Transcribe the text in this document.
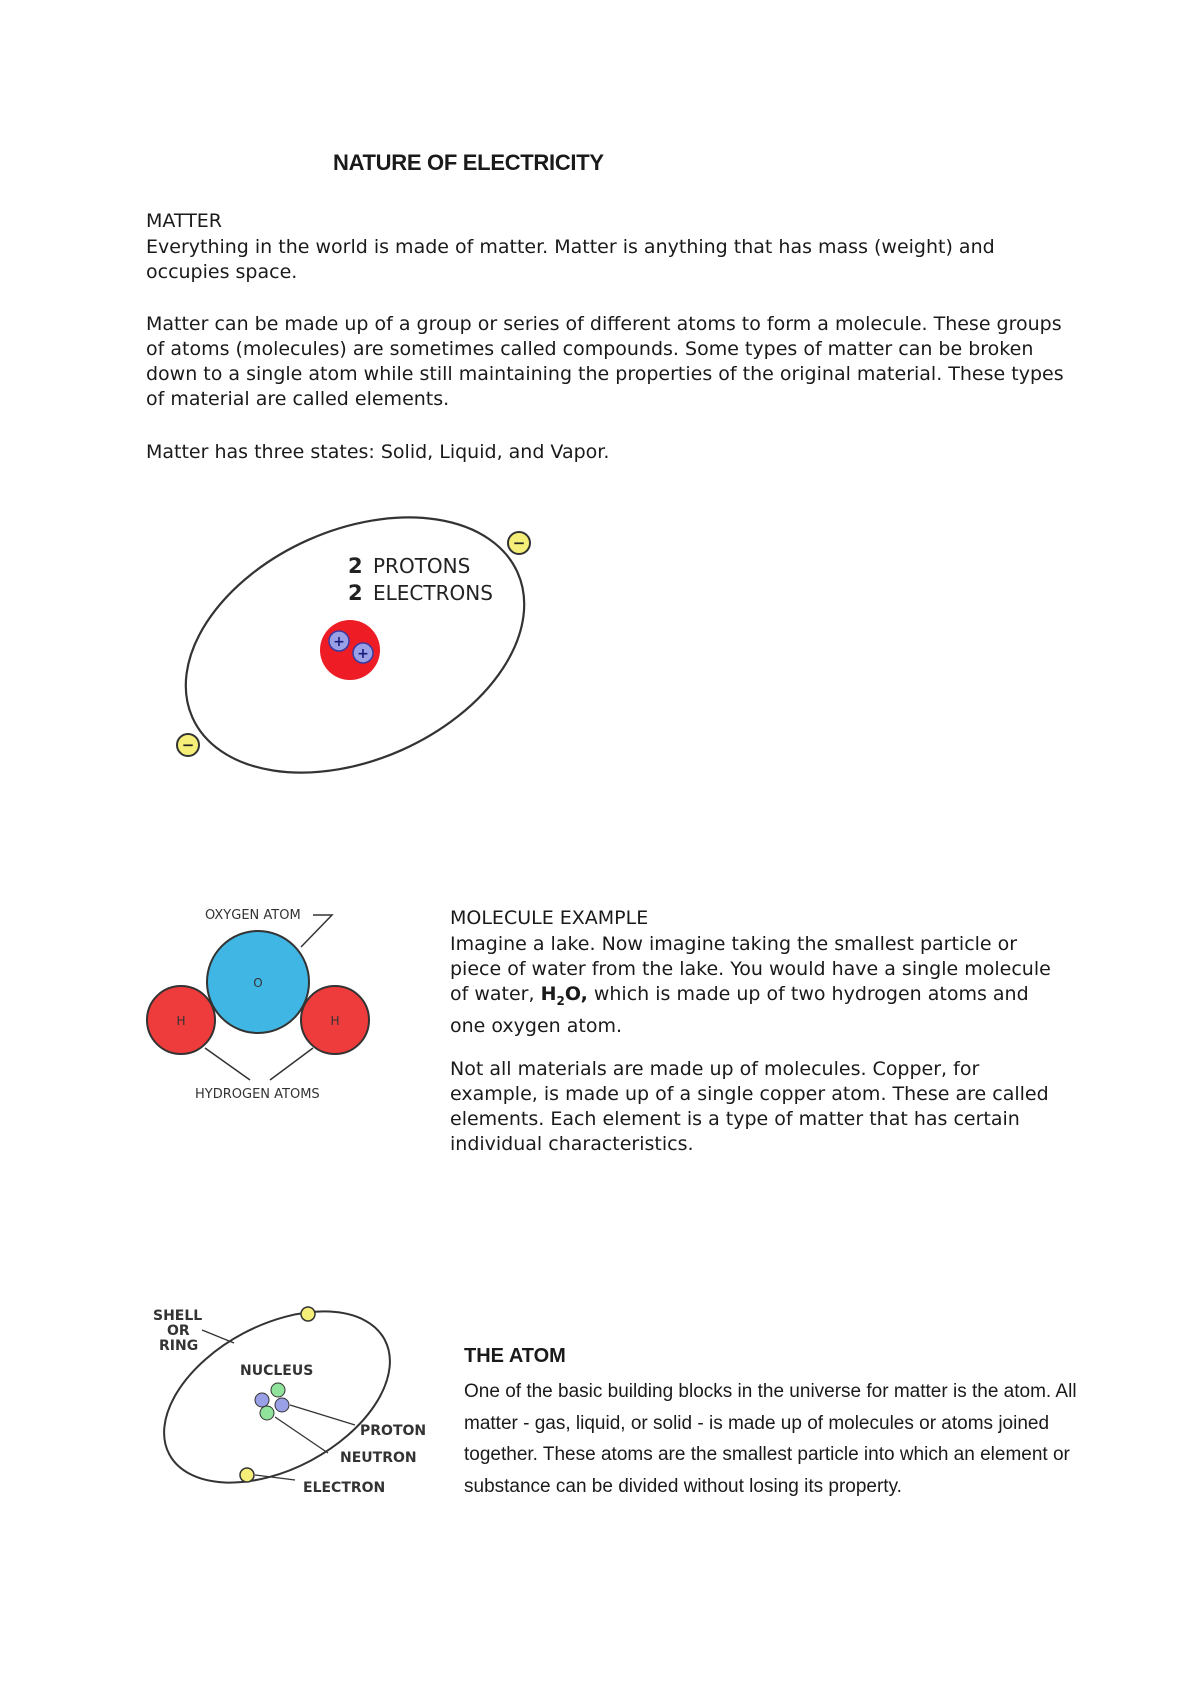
NATURE OF ELECTRICITY
MATTER

Everything in the world is made of matter. Matter is anything that has mass (weight) and occupies space.

Matter can be made up of a group or series of different atoms to form a molecule. These groups of atoms (molecules) are sometimes called compounds. Some types of matter can be broken down to a single atom while still maintaining the properties of the original material. These types of material are called elements.

Matter has three states: Solid, Liquid, and Vapor.

+
+
−
−
2 PROTONS
2 ELECTRONS
OXYGEN ATOM
O
H	H
HYDROGEN ATOMS
MOLECULE EXAMPLE

Imagine a lake. Now imagine taking the smallest particle or piece of water from the lake. You would have a single molecule of water, $H_2O$, which is made up of two hydrogen atoms and one oxygen atom.

Not all materials are made up of molecules. Copper, for example, is made up of a single copper atom. These are called elements. Each element is a type of matter that has certain individual characteristics.

SHELL
OR
RING
NUCLEUS
PROTON
NEUTRON
ELECTRON
THE ATOM

One of the basic building blocks in the universe for matter is the atom. All matter - gas, liquid, or solid - is made up of molecules or atoms joined together. These atoms are the smallest particle into which an element or substance can be divided without losing its property.
